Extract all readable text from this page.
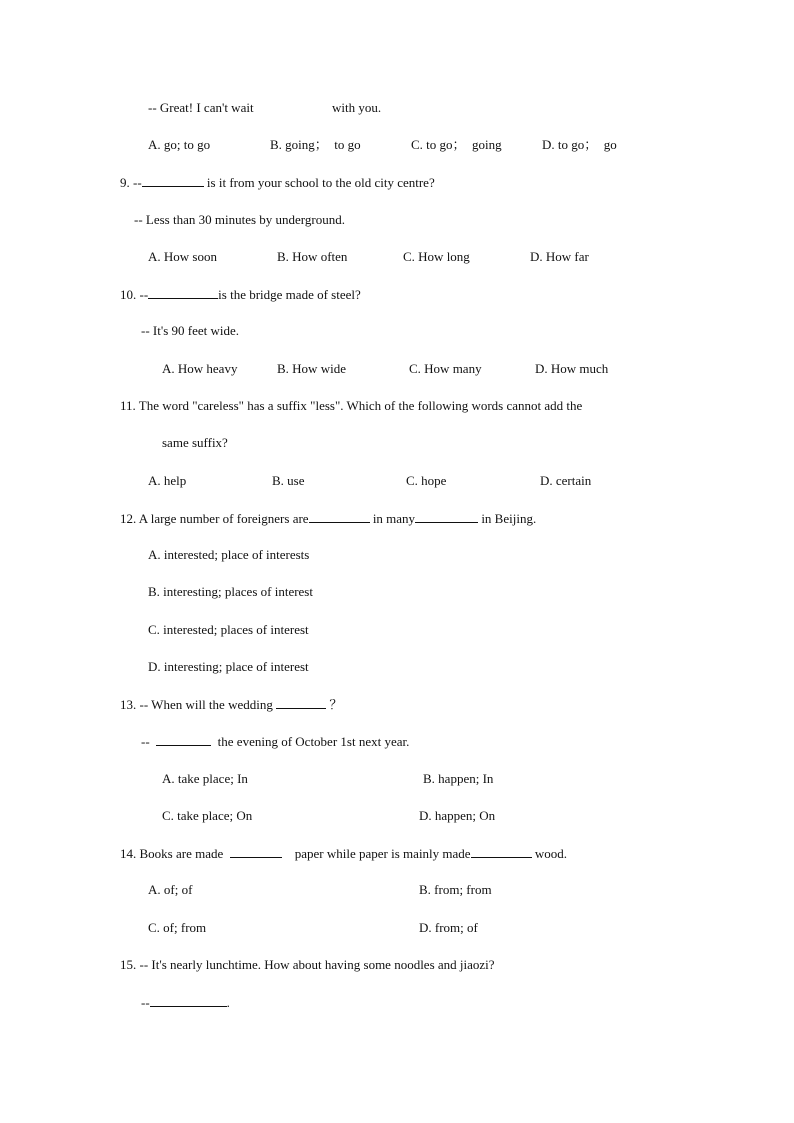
-- Great! I can't wait	with you.
A. go; to go	B. going；  to go	C. to go；  going	D. to go；  go
9. --	is it from your school to the old city centre?
-- Less than 30 minutes by underground.
A. How soon	B. How often	C. How long	D. How far
10. --	is the bridge made of steel?
-- It's 90 feet wide.
A. How heavy	B. How wide	C. How many	D. How much
11. The word "careless" has a suffix "less". Which of the following words cannot add the
same suffix?
A. help	B. use	C. hope	D. certain
12. A large number of foreigners are	in many	in Beijing.
A. interested; place of interests
B. interesting; places of interest
C. interested; places of interest
D. interesting; place of interest
13. -- When will the wedding	？
--	the evening of October 1st next year.
A. take place; In	B. happen; In
C. take place; On	D. happen; On
14. Books are made	paper while paper is mainly made	wood.
A. of; of	B. from; from
C. of; from	D. from; of
15. -- It's nearly lunchtime. How about having some noodles and jiaozi?
--	.
